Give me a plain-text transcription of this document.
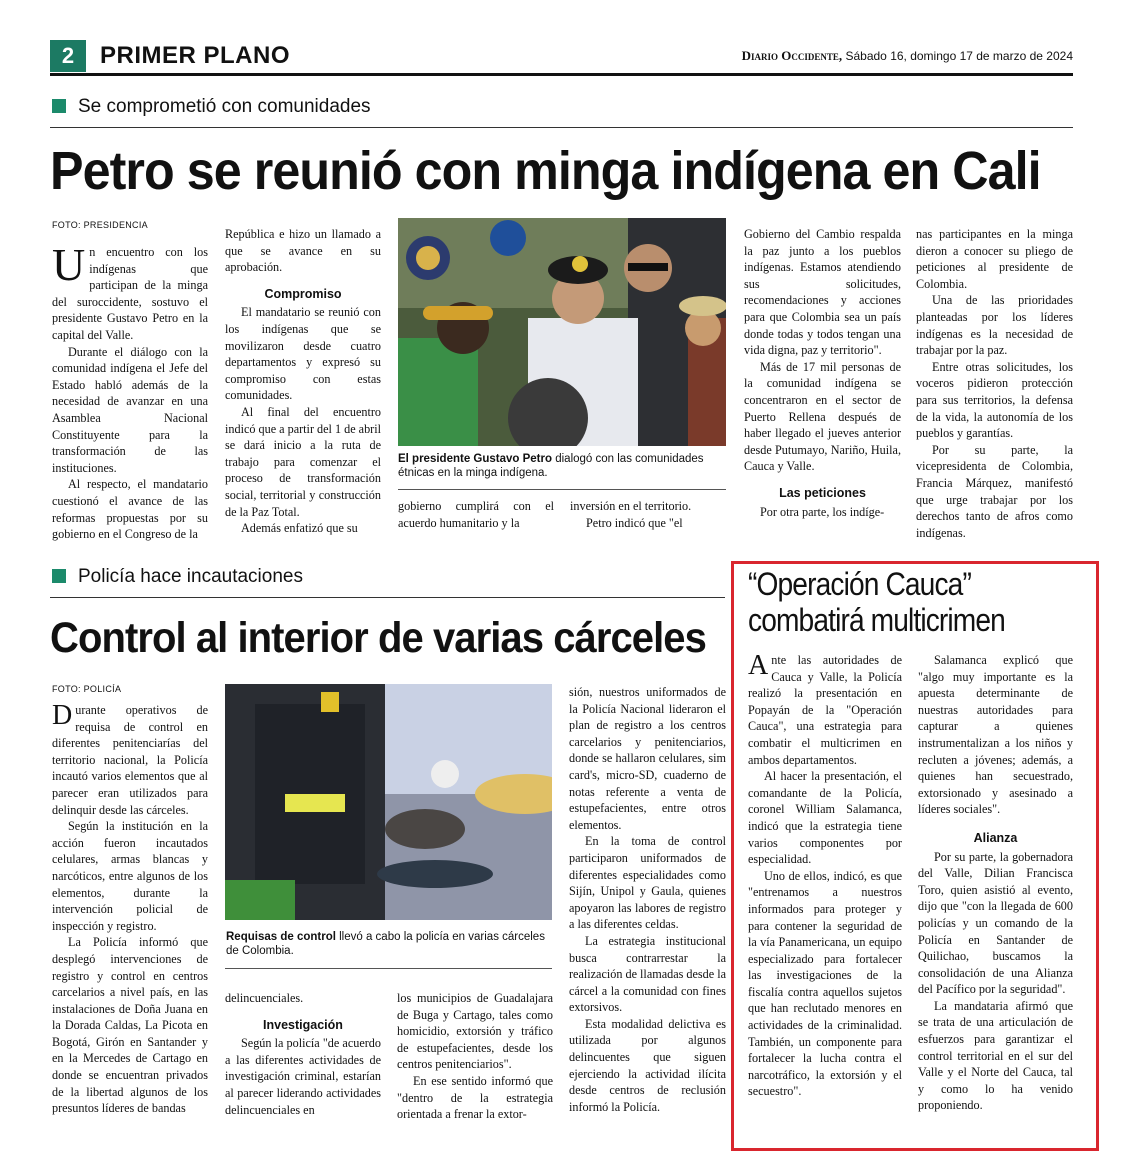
2	PRIMER PLANO	Diario Occidente, Sábado 16, domingo 17 de marzo de 2024
Se comprometió con comunidades
Petro se reunió con minga indígena en Cali
FOTO: PRESIDENCIA

Un encuentro con los indígenas que participan de la minga del suroccidente, sostuvo el presidente Gustavo Petro en la capital del Valle.

Durante el diálogo con la comunidad indígena el Jefe del Estado habló además de la necesidad de avanzar en una Asamblea Nacional Constituyente para la transformación de las instituciones.

Al respecto, el mandatario cuestionó el avance de las reformas propuestas por su gobierno en el Congreso de la

República e hizo un llamado a que se avance en su aprobación.

Compromiso

El mandatario se reunió con los indígenas que se movilizaron desde cuatro departamentos y expresó su compromiso con estas comunidades.

Al final del encuentro indicó que a partir del 1 de abril se dará inicio a la ruta de trabajo para comenzar el proceso de transformación social, territorial y construcción de la Paz Total.

Además enfatizó que su

El presidente Gustavo Petro dialogó con las comunidades étnicas en la minga indígena.

gobierno cumplirá con el acuerdo humanitario y la

inversión en el territorio.

Petro indicó que "el

Gobierno del Cambio respalda la paz junto a los pueblos indígenas. Estamos atendiendo sus solicitudes, recomendaciones y acciones para que Colombia sea un país donde todas y todos tengan una vida digna, paz y territorio".

Más de 17 mil personas de la comunidad indígena se concentraron en el sector de Puerto Rellena después de haber llegado el jueves anterior desde Putumayo, Nariño, Huila, Cauca y Valle.

Las peticiones

Por otra parte, los indíge-

nas participantes en la minga dieron a conocer su pliego de peticiones al presidente de Colombia.

Una de las prioridades planteadas por los líderes indígenas es la necesidad de trabajar por la paz.

Entre otras solicitudes, los voceros pidieron protección para sus territorios, la defensa de la vida, la autonomía de los pueblos y garantías.

Por su parte, la vicepresidenta de Colombia, Francia Márquez, manifestó que urge trabajar por los derechos tanto de afros como indígenas.

Policía hace incautaciones
Control al interior de varias cárceles
FOTO: POLICÍA

Durante operativos de requisa de control en diferentes penitenciarías del territorio nacional, la Policía incautó varios elementos que al parecer eran utilizados para delinquir desde las cárceles.

Según la institución en la acción fueron incautados celulares, armas blancas y narcóticos, entre algunos de los elementos, durante la intervención policial de inspección y registro.

La Policía informó que desplegó intervenciones de registro y control en centros carcelarios a nivel país, en las instalaciones de Doña Juana en la Dorada Caldas, La Picota en Bogotá, Girón en Santander y en la Mercedes de Cartago en donde se encuentran privados de la libertad algunos de los presuntos líderes de bandas

Requisas de control llevó a cabo la policía en varias cárceles de Colombia.

delincuenciales.

Investigación

Según la policía "de acuerdo a las diferentes actividades de investigación criminal, estarían al parecer liderando actividades delincuenciales en

los municipios de Guadalajara de Buga y Cartago, tales como homicidio, extorsión y tráfico de estupefacientes, desde los centros penitenciarios".

En ese sentido informó que "dentro de la estrategia orientada a frenar la extor-

sión, nuestros uniformados de la Policía Nacional lideraron el plan de registro a los centros carcelarios y penitenciarios, donde se hallaron celulares, sim card's, micro-SD, cuaderno de notas referente a venta de estupefacientes, entre otros elementos.

En la toma de control participaron uniformados de diferentes especialidades como Sijín, Unipol y Gaula, quienes apoyaron las labores de registro a las diferentes celdas.

La estrategia institucional busca contrarrestar la realización de llamadas desde la cárcel a la comunidad con fines extorsivos.

Esta modalidad delictiva es utilizada por algunos delincuentes que siguen ejerciendo la actividad ilícita desde centros de reclusión informó la Policía.

“Operación Cauca”
combatirá multicrimen

Ante las autoridades de Cauca y Valle, la Policía realizó la presentación en Popayán de la "Operación Cauca", una estrategia para combatir el multicrimen en ambos departamentos.

Al hacer la presentación, el comandante de la Policía, coronel William Salamanca, indicó que la estrategia tiene varios componentes por especialidad.

Uno de ellos, indicó, es que "entrenamos a nuestros informados para proteger y para contener la seguridad de la vía Panamericana, un equipo especializado para fortalecer las investigaciones de la fiscalía contra aquellos sujetos que han reclutado menores en actividades de la criminalidad. También, un componente para fortalecer la lucha contra el narcotráfico, la extorsión y el secuestro".

Salamanca explicó que "algo muy importante es la apuesta determinante de nuestras autoridades para capturar a quienes instrumentalizan a los niños y recluten a jóvenes; además, a quienes han secuestrado, extorsionado y asesinado a líderes sociales".

Alianza

Por su parte, la gobernadora del Valle, Dilian Francisca Toro, quien asistió al evento, dijo que "con la llegada de 600 policías y un comando de la Policía en Santander de Quilichao, buscamos la consolidación de una Alianza del Pacífico por la seguridad".

La mandataria afirmó que se trata de una articulación de esfuerzos para garantizar el control territorial en el sur del Valle y el Norte del Cauca, tal y como lo ha venido proponiendo.
